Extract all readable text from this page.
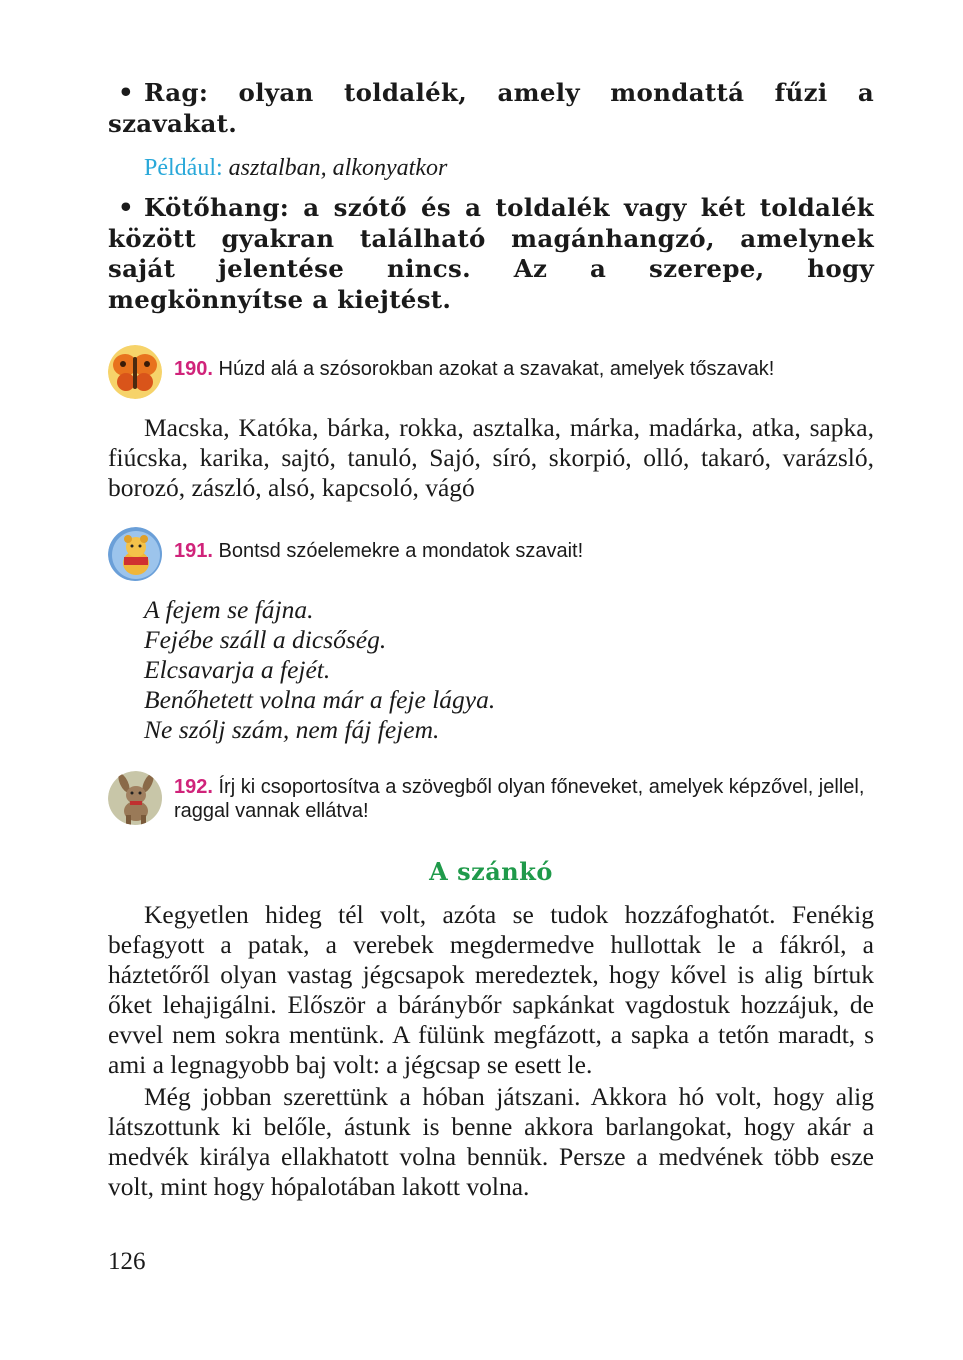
• Rag: olyan toldalék, amely mondattá fűzi a szavakat.

Például: asztalban, alkonyatkor

• Kötőhang: a szótő és a toldalék vagy két toldalék között gyakran található magánhangzó, amelynek saját jelentése nincs. Az a szerepe, hogy megkönnyítse a kiejtést.

190. Húzd alá a szósorokban azokat a szavakat, amelyek tőszavak!

Macska, Katóka, bárka, rokka, asztalka, márka, madárka, atka, sapka, fiúcska, karika, sajtó, tanuló, Sajó, síró, skorpió, olló, takaró, varázsló, borozó, zászló, alsó, kapcsoló, vágó

191. Bontsd szóelemekre a mondatok szavait!
A fejem se fájna.
Fejébe száll a dicsőség.
Elcsavarja a fejét.
Benőhetett volna már a feje lágya.
Ne szólj szám, nem fáj fejem.
192. Írj ki csoportosítva a szövegből olyan főneveket, amelyek képzővel, jellel, raggal vannak ellátva!
A szánkó

Kegyetlen hideg tél volt, azóta se tudok hozzáfoghatót. Fenékig befagyott a patak, a verebek megdermedve hullottak le a fákról, a háztetőről olyan vastag jégcsapok meredeztek, hogy kővel is alig bírtuk őket lehajigálni. Először a báránybőr sapkánkat vagdostuk hozzájuk, de evvel nem sokra mentünk. A fülünk megfázott, a sapka a tetőn maradt, s ami a legnagyobb baj volt: a jégcsap se esett le.

Még jobban szerettünk a hóban játszani. Akkora hó volt, hogy alig látszottunk ki belőle, ástunk is benne akkora barlangokat, hogy akár a medvék királya ellakhatott volna bennük. Persze a medvének több esze volt, mint hogy hópalotában lakott volna.

126
